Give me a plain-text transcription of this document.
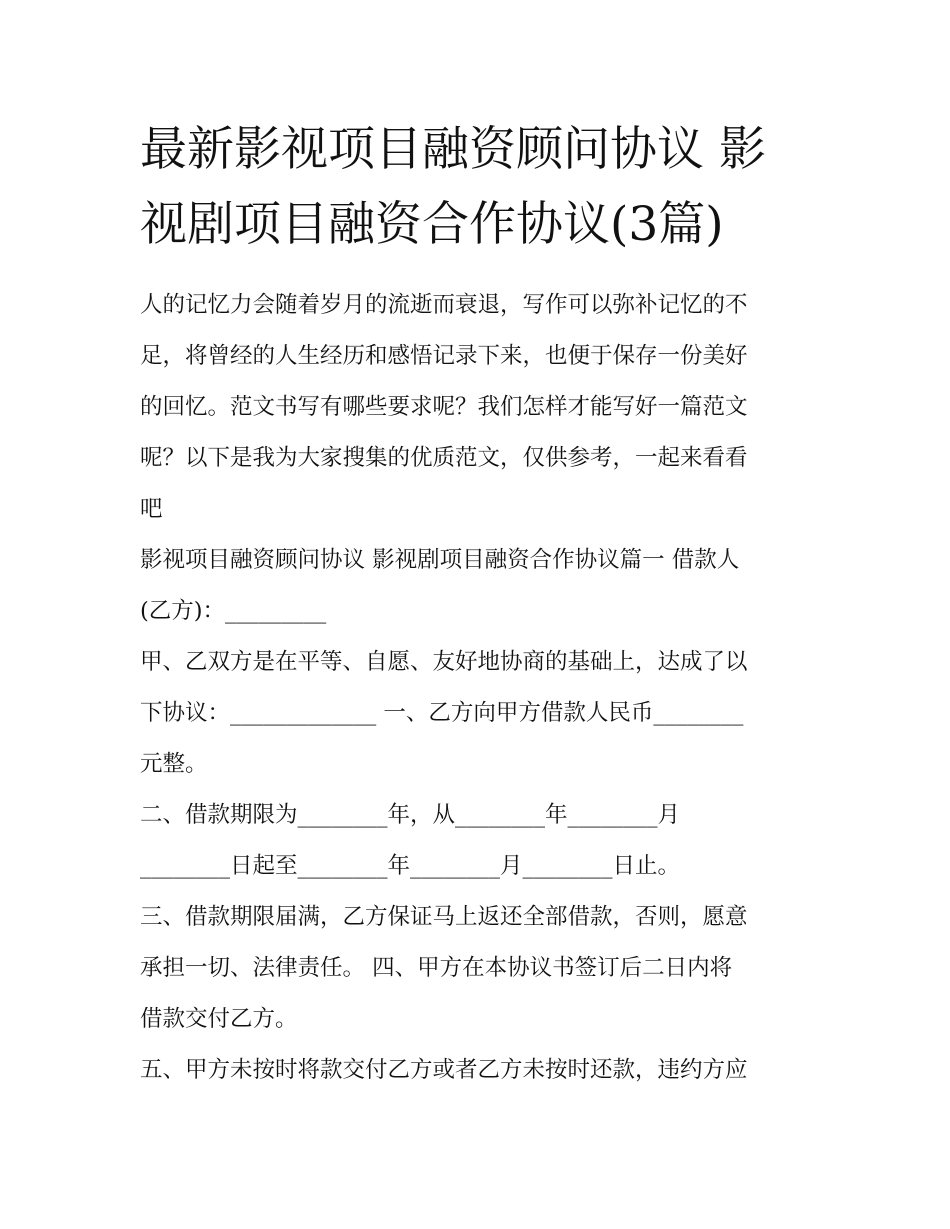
最新影视项目融资顾问协议 影
视剧项目融资合作协议(3篇)

人的记忆力会随着岁月的流逝而衰退，写作可以弥补记忆的不
足，将曾经的人生经历和感悟记录下来，也便于保存一份美好
的回忆。范文书写有哪些要求呢？我们怎样才能写好一篇范文
呢？以下是我为大家搜集的优质范文，仅供参考，一起来看看
吧

影视项目融资顾问协议 影视剧项目融资合作协议篇一 借款人
(乙方)：_________

甲、乙双方是在平等、自愿、友好地协商的基础上，达成了以
下协议：_____________ 一、乙方向甲方借款人民币________
元整。

二、借款期限为________年，从________年________月
________日起至________年________月________日止。

三、借款期限届满，乙方保证马上返还全部借款，否则，愿意
承担一切、法律责任。 四、甲方在本协议书签订后二日内将
借款交付乙方。

五、甲方未按时将款交付乙方或者乙方未按时还款，违约方应
